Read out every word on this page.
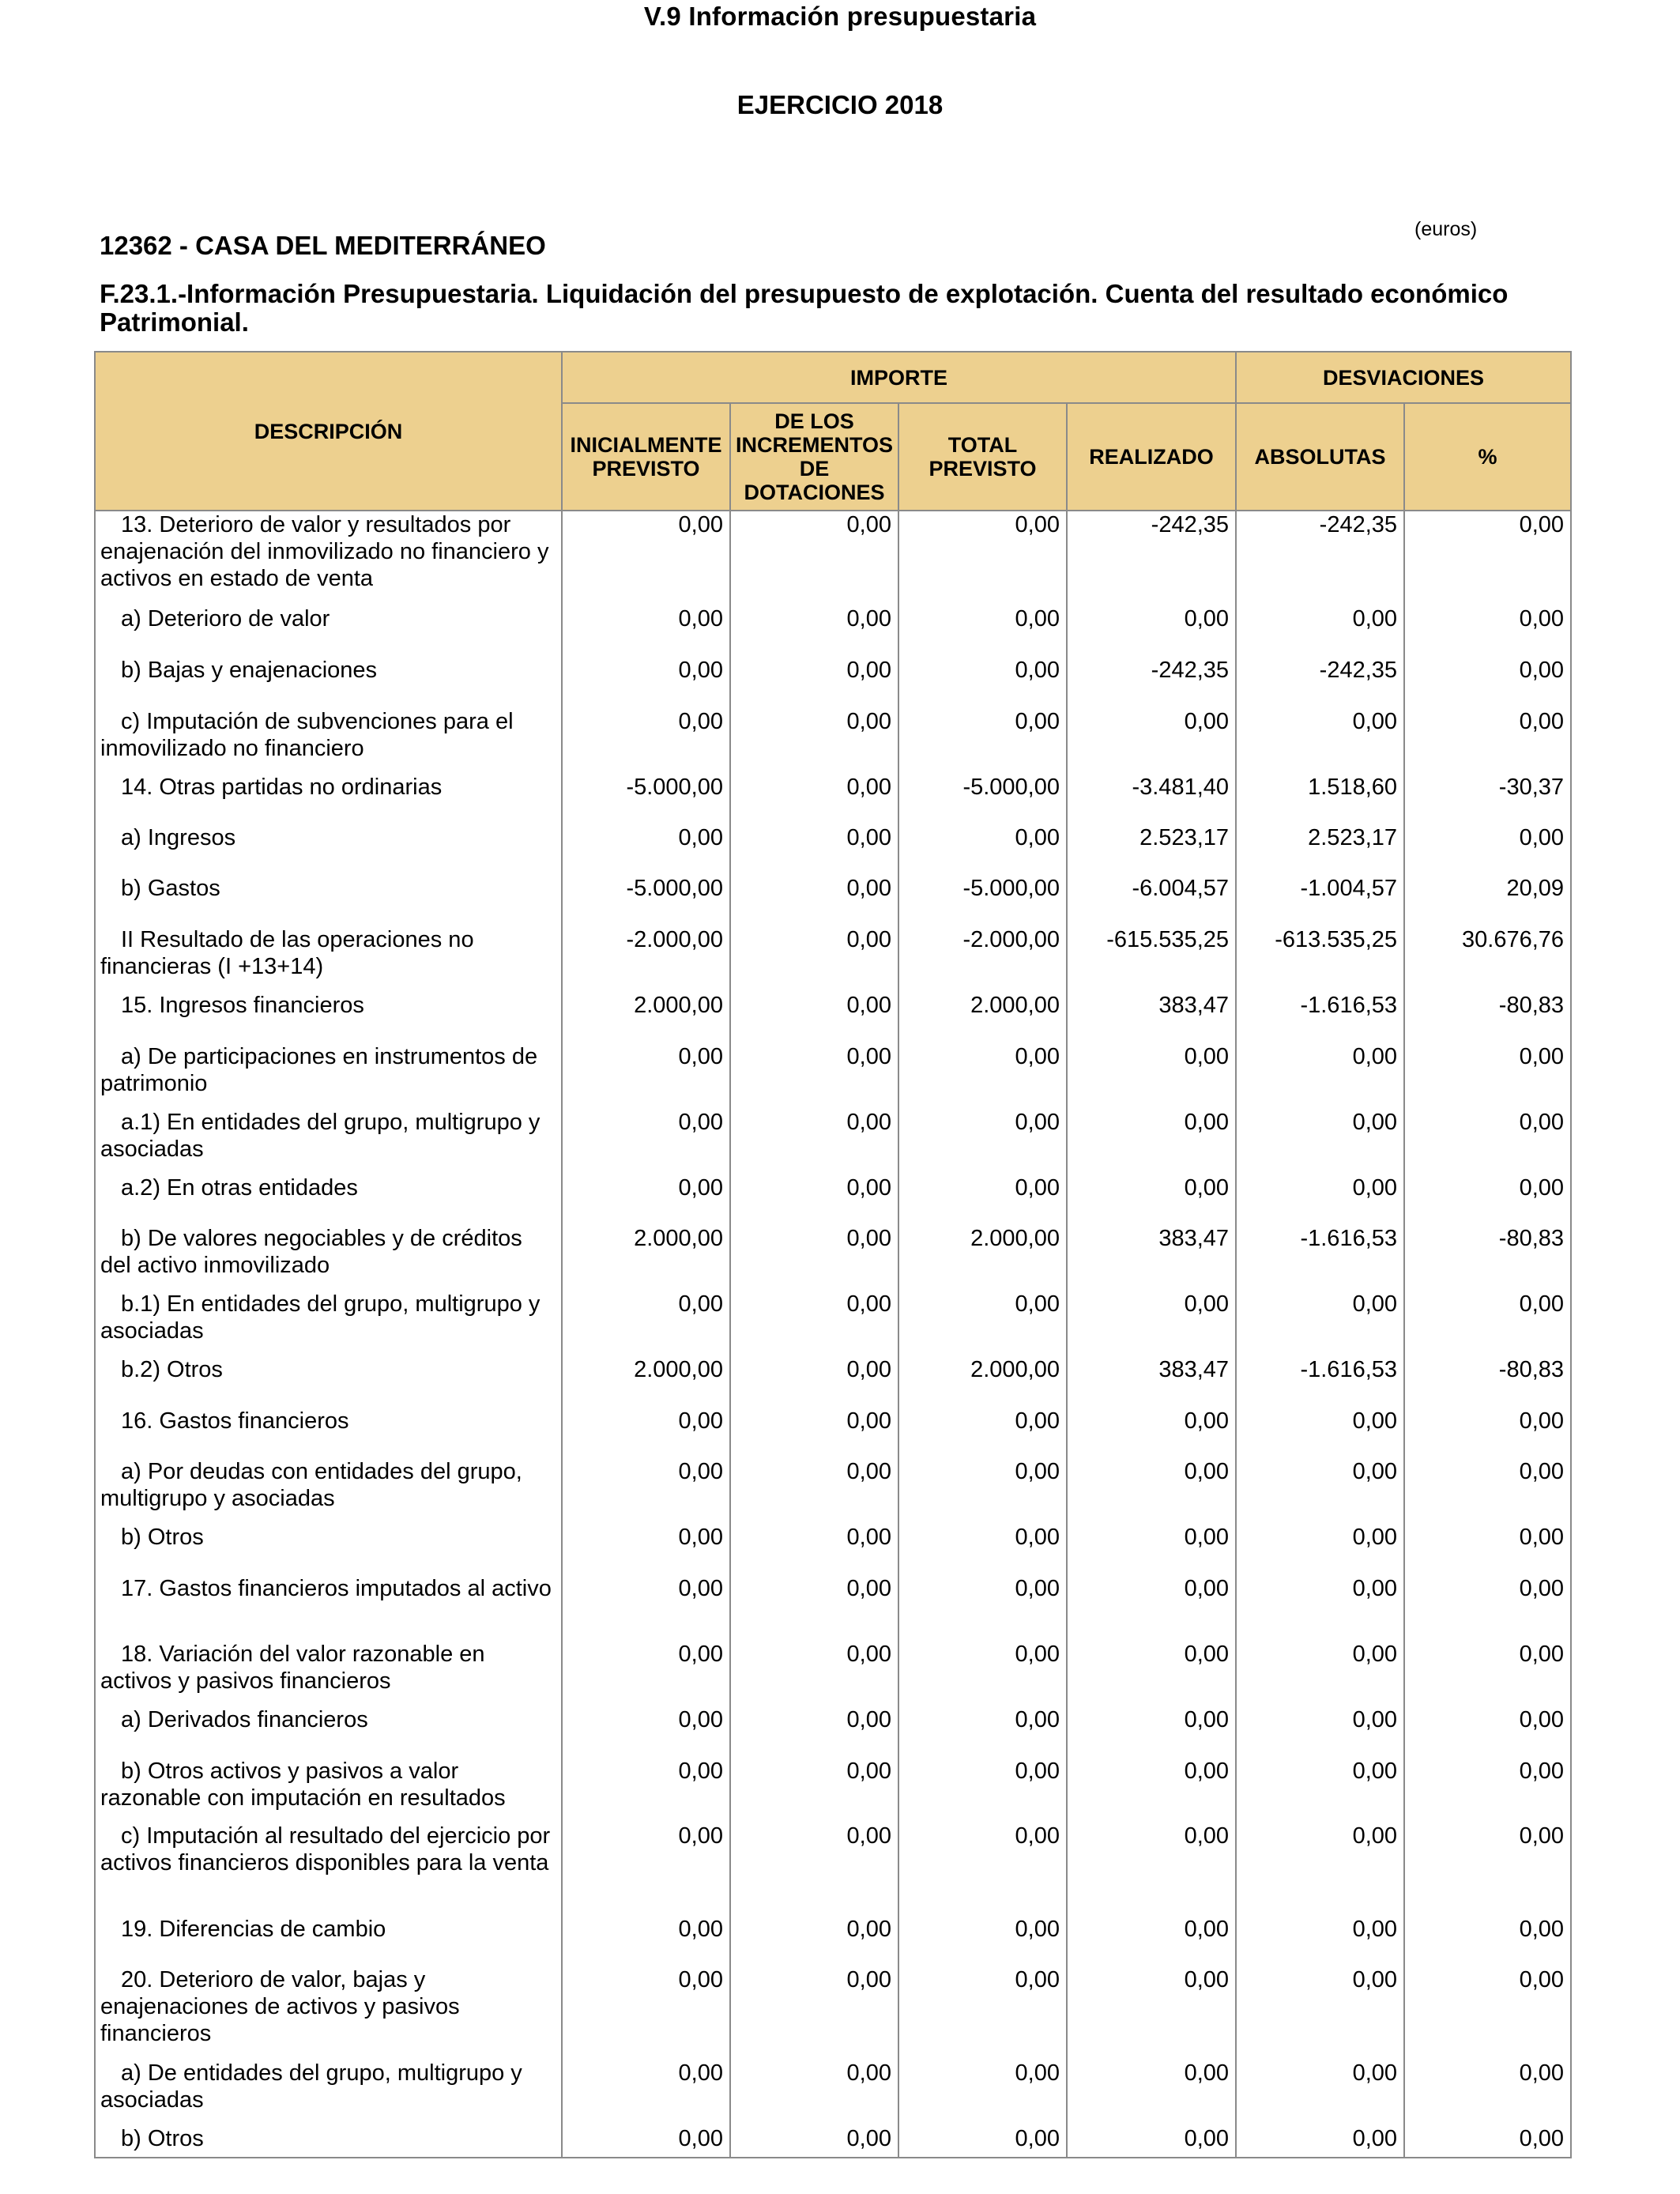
V.9 Información presupuestaria
EJERCICIO 2018
(euros)
12362 - CASA DEL MEDITERRÁNEO
F.23.1.-Información Presupuestaria. Liquidación del presupuesto de explotación. Cuenta del resultado económico Patrimonial.
DESCRIPCIÓN	IMPORTE				DESVIACIONES	
	INICIALMENTE PREVISTO	DE LOS INCREMENTOS DE DOTACIONES	TOTAL PREVISTO	REALIZADO	ABSOLUTAS	%
13. Deterioro de valor y resultados por enajenación del inmovilizado no financiero y activos en estado de venta	0,00	0,00	0,00	-242,35	-242,35	0,00
a) Deterioro de valor	0,00	0,00	0,00	0,00	0,00	0,00
b) Bajas y enajenaciones	0,00	0,00	0,00	-242,35	-242,35	0,00
c) Imputación de subvenciones para el inmovilizado no financiero	0,00	0,00	0,00	0,00	0,00	0,00
14. Otras partidas no ordinarias	-5.000,00	0,00	-5.000,00	-3.481,40	1.518,60	-30,37
a) Ingresos	0,00	0,00	0,00	2.523,17	2.523,17	0,00
b) Gastos	-5.000,00	0,00	-5.000,00	-6.004,57	-1.004,57	20,09
II Resultado de las operaciones no financieras (I +13+14)	-2.000,00	0,00	-2.000,00	-615.535,25	-613.535,25	30.676,76
15. Ingresos financieros	2.000,00	0,00	2.000,00	383,47	-1.616,53	-80,83
a) De participaciones en instrumentos de patrimonio	0,00	0,00	0,00	0,00	0,00	0,00
a.1) En entidades del grupo, multigrupo y asociadas	0,00	0,00	0,00	0,00	0,00	0,00
a.2) En otras entidades	0,00	0,00	0,00	0,00	0,00	0,00
b) De valores negociables y de créditos del activo inmovilizado	2.000,00	0,00	2.000,00	383,47	-1.616,53	-80,83
b.1) En entidades del grupo, multigrupo y asociadas	0,00	0,00	0,00	0,00	0,00	0,00
b.2) Otros	2.000,00	0,00	2.000,00	383,47	-1.616,53	-80,83
16. Gastos financieros	0,00	0,00	0,00	0,00	0,00	0,00
a) Por deudas con entidades del grupo, multigrupo y asociadas	0,00	0,00	0,00	0,00	0,00	0,00
b) Otros	0,00	0,00	0,00	0,00	0,00	0,00
17. Gastos financieros imputados al activo	0,00	0,00	0,00	0,00	0,00	0,00
18. Variación del valor razonable en activos y pasivos financieros	0,00	0,00	0,00	0,00	0,00	0,00
a) Derivados financieros	0,00	0,00	0,00	0,00	0,00	0,00
b) Otros activos y pasivos a valor razonable con imputación en resultados	0,00	0,00	0,00	0,00	0,00	0,00
c) Imputación al resultado del ejercicio por activos financieros disponibles para la venta	0,00	0,00	0,00	0,00	0,00	0,00
19. Diferencias de cambio	0,00	0,00	0,00	0,00	0,00	0,00
20. Deterioro de valor, bajas y enajenaciones de activos y pasivos financieros	0,00	0,00	0,00	0,00	0,00	0,00
a) De entidades del grupo, multigrupo y asociadas	0,00	0,00	0,00	0,00	0,00	0,00
b) Otros	0,00	0,00	0,00	0,00	0,00	0,00
